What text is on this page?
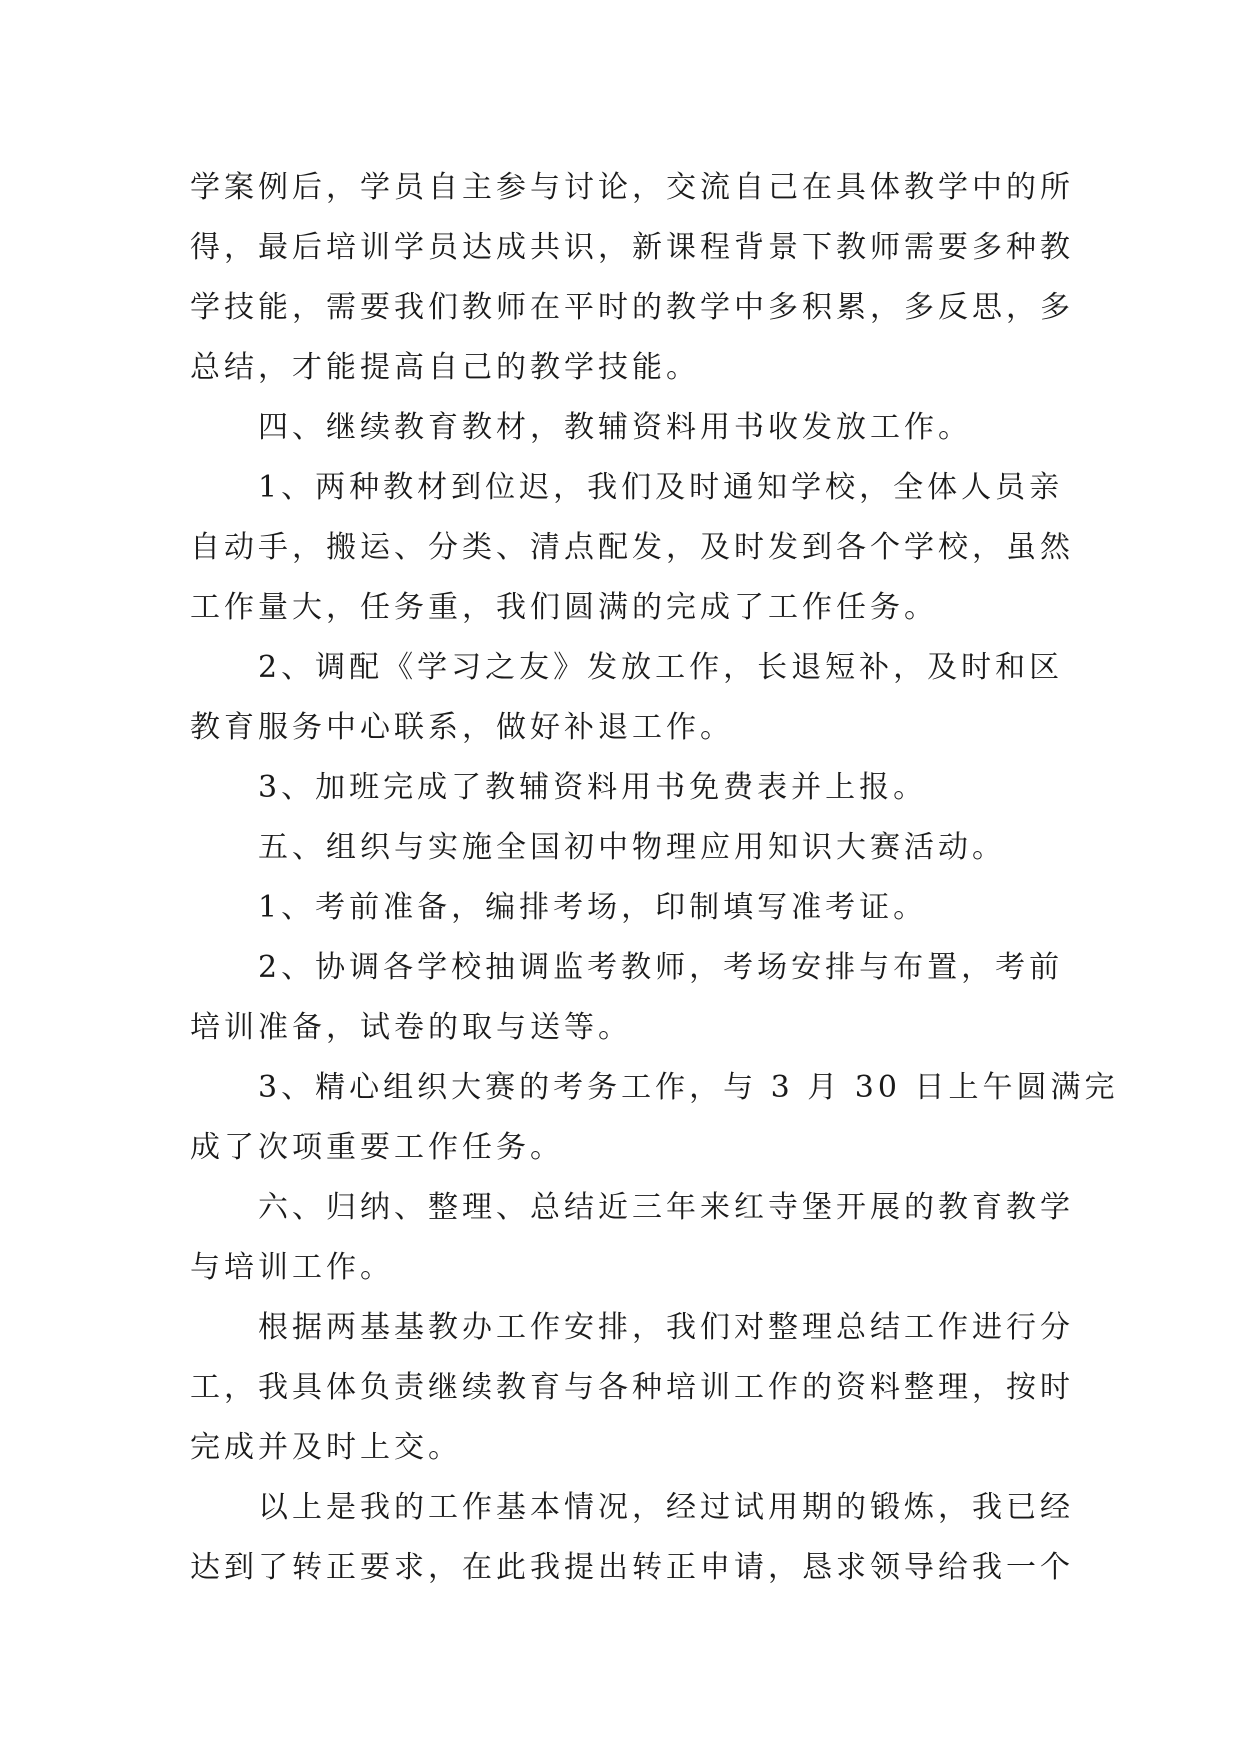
学案例后，学员自主参与讨论，交流自己在具体教学中的所
得，最后培训学员达成共识，新课程背景下教师需要多种教
学技能，需要我们教师在平时的教学中多积累，多反思，多
总结，才能提高自己的教学技能。
四、继续教育教材，教辅资料用书收发放工作。
1、两种教材到位迟，我们及时通知学校，全体人员亲
自动手，搬运、分类、清点配发，及时发到各个学校，虽然
工作量大，任务重，我们圆满的完成了工作任务。
2、调配《学习之友》发放工作，长退短补，及时和区
教育服务中心联系，做好补退工作。
3、加班完成了教辅资料用书免费表并上报。
五、组织与实施全国初中物理应用知识大赛活动。
1、考前准备，编排考场，印制填写准考证。
2、协调各学校抽调监考教师，考场安排与布置，考前
培训准备，试卷的取与送等。
3、精心组织大赛的考务工作，与 3 月 30 日上午圆满完
成了次项重要工作任务。
六、归纳、整理、总结近三年来红寺堡开展的教育教学
与培训工作。
根据两基基教办工作安排，我们对整理总结工作进行分
工，我具体负责继续教育与各种培训工作的资料整理，按时
完成并及时上交。
以上是我的工作基本情况，经过试用期的锻炼，我已经
达到了转正要求，在此我提出转正申请，恳求领导给我一个
